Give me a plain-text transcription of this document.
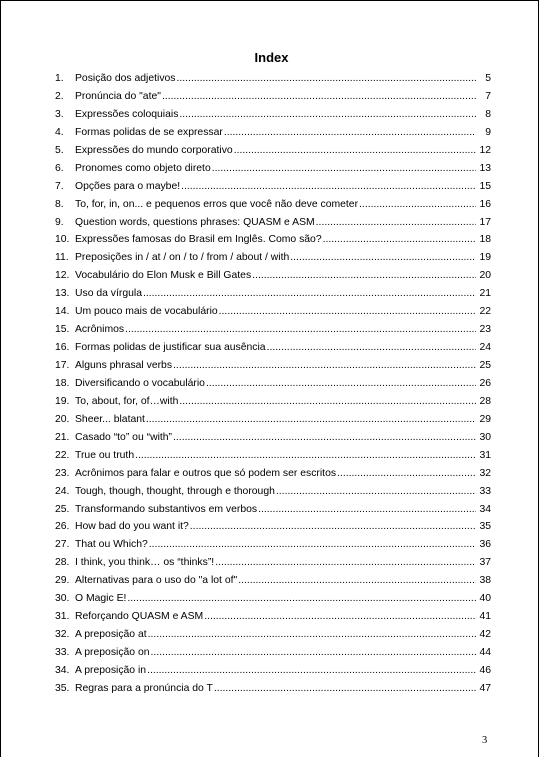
Index
1.	Posição dos adjetivos .....	5
2.	Pronúncia do "ate" .....	7
3.	Expressões coloquiais .....	8
4.	Formas polidas de se expressar .....	9
5.	Expressões do mundo corporativo .....	12
6.	Pronomes como objeto direto .....	13
7.	Opções para o maybe! .....	15
8.	To, for, in, on... e pequenos erros que você não deve cometer .....	16
9.	Question words, questions phrases: QUASM e ASM .....	17
10. Expressões famosas do Brasil em Inglês. Como são? .....	18
11. Preposições in / at / on / to / from / about / with .....	19
12. Vocabulário do Elon Musk e Bill Gates .....	20
13. Uso da vírgula .....	21
14. Um pouco mais de vocabulário .....	22
15. Acrônimos .....	23
16. Formas polidas de justificar sua ausência .....	24
17. Alguns phrasal verbs .....	25
18. Diversificando o vocabulário .....	26
19. To, about, for, of…with .....	28
20. Sheer... blatant .....	29
21. Casado “to” ou “with” .....	30
22. True ou truth .....	31
23. Acrônimos para falar e outros que só podem ser escritos .....	32
24. Tough, though, thought, through e thorough .....	33
25. Transformando substantivos em verbos .....	34
26. How bad do you want it? .....	35
27. That ou Which? .....	36
28. I think, you think… os “thinks”! .....	37
29. Alternativas para o uso do "a lot of" .....	38
30. O Magic E! .....	40
31. Reforçando QUASM e ASM .....	41
32. A preposição at .....	42
33. A preposição on .....	44
34. A preposição in .....	46
35. Regras para a pronúncia do T .....	47
3
